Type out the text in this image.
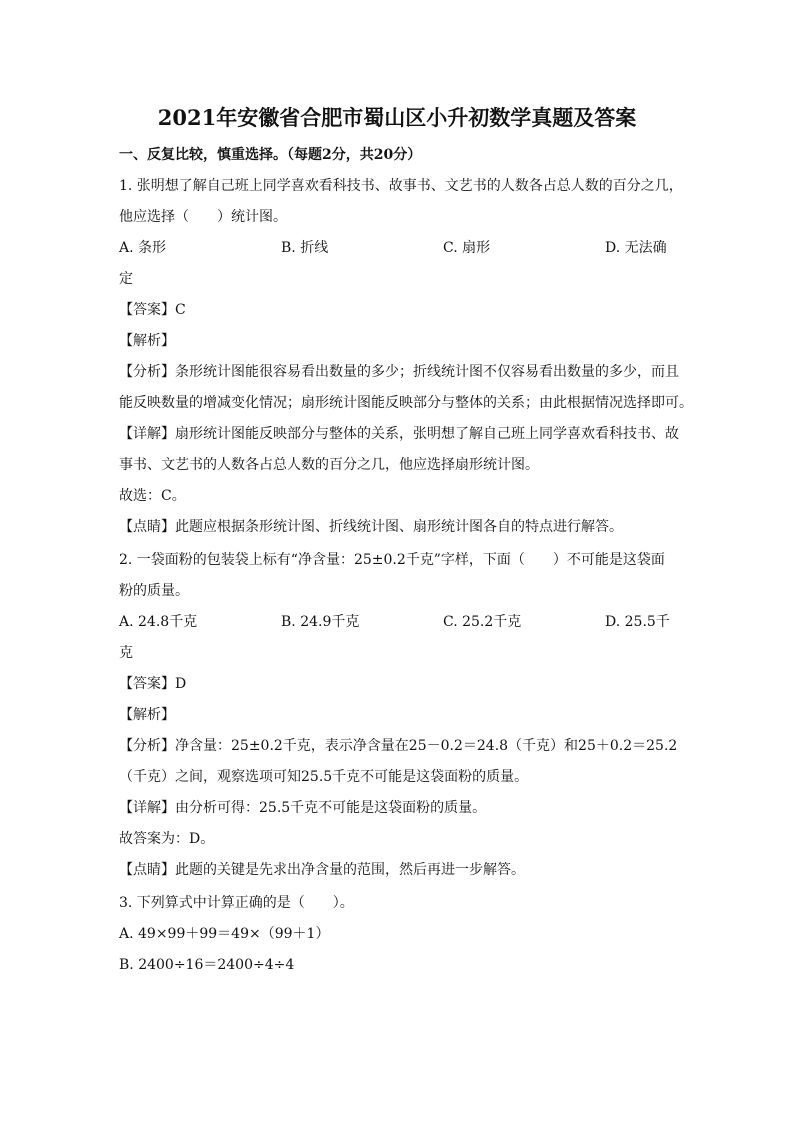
2021年安徽省合肥市蜀山区小升初数学真题及答案
一、反复比较，慎重选择。（每题2分，共20分）
1. 张明想了解自己班上同学喜欢看科技书、故事书、文艺书的人数各占总人数的百分之几，
他应选择（　　）统计图。
A. 条形	B. 折线	C. 扇形	D. 无法确
定
【答案】C
【解析】
【分析】条形统计图能很容易看出数量的多少；折线统计图不仅容易看出数量的多少，而且
能反映数量的增减变化情况；扇形统计图能反映部分与整体的关系；由此根据情况选择即可。
【详解】扇形统计图能反映部分与整体的关系，张明想了解自己班上同学喜欢看科技书、故
事书、文艺书的人数各占总人数的百分之几，他应选择扇形统计图。
故选：C。
【点睛】此题应根据条形统计图、折线统计图、扇形统计图各自的特点进行解答。
2. 一袋面粉的包装袋上标有“净含量：25±0.2千克”字样，下面（　　）不可能是这袋面
粉的质量。
A. 24.8千克	B. 24.9千克	C. 25.2千克	D. 25.5千
克
【答案】D
【解析】
【分析】净含量：25±0.2千克，表示净含量在25－0.2＝24.8（千克）和25＋0.2＝25.2
（千克）之间，观察选项可知25.5千克不可能是这袋面粉的质量。
【详解】由分析可得：25.5千克不可能是这袋面粉的质量。
故答案为：D。
【点睛】此题的关键是先求出净含量的范围，然后再进一步解答。
3. 下列算式中计算正确的是（　　）。
A. 49×99＋99＝49×（99＋1）
B. 2400÷16＝2400÷4÷4
